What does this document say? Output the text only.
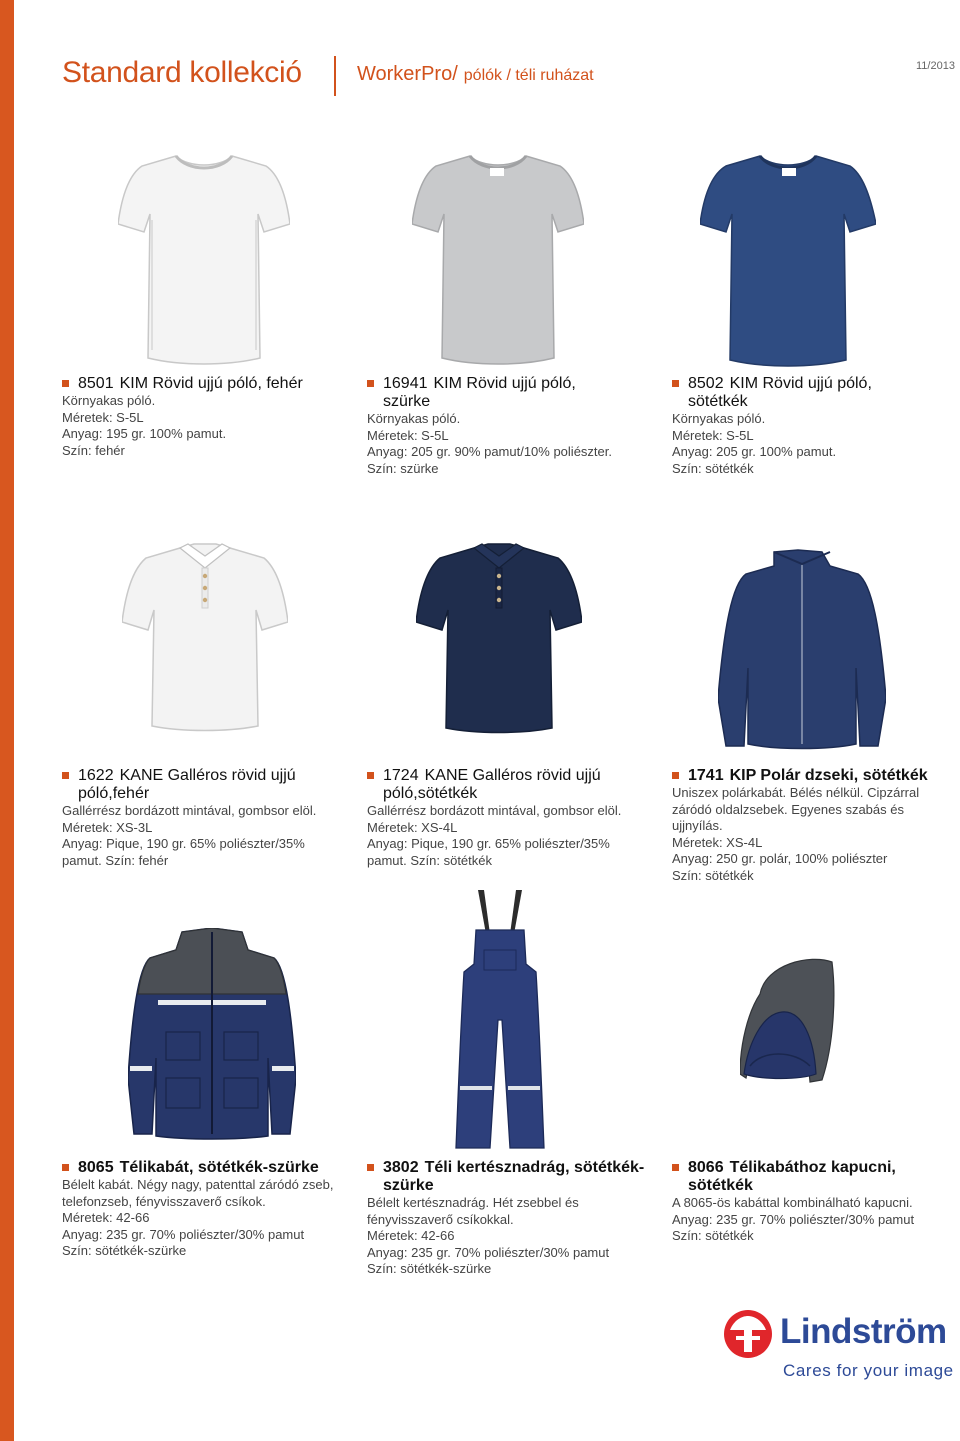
Standard kollekció	WorkerPro/ pólók / téli ruházat
11/2013
8501 KIM Rövid ujjú póló, fehér
Környakas póló.
Méretek: S-5L
Anyag: 195 gr. 100% pamut.
Szín: fehér
16941 KIM Rövid ujjú póló, szürke
Környakas póló.
Méretek: S-5L
Anyag: 205 gr. 90% pamut/10% poliészter.
Szín: szürke
8502 KIM Rövid ujjú póló, sötétkék
Környakas póló.
Méretek: S-5L
Anyag: 205 gr. 100% pamut.
Szín: sötétkék
1622 KANE Galléros rövid ujjú póló,fehér
Gallérrész bordázott mintával, gombsor elöl.
Méretek: XS-3L
Anyag: Pique, 190 gr. 65% poliészter/35% pamut. Szín: fehér
1724 KANE Galléros rövid ujjú póló,sötétkék
Gallérrész bordázott mintával, gombsor elöl.
Méretek: XS-4L
Anyag: Pique, 190 gr. 65% poliészter/35% pamut. Szín: sötétkék
1741 KIP Polár dzseki, sötétkék
Uniszex polárkabát. Bélés nélkül. Cipzárral záródó oldalzsebek. Egyenes szabás és ujjnyílás.
Méretek: XS-4L
Anyag: 250 gr. polár, 100% poliészter
Szín: sötétkék
8065 Télikabát, sötétkék-szürke
Bélelt kabát. Négy nagy, patenttal záródó zseb, telefonzseb, fényvisszaverő csíkok.
Méretek: 42-66
Anyag: 235 gr. 70% poliészter/30% pamut
Szín: sötétkék-szürke
3802 Téli kertésznadrág, sötétkék-szürke
Bélelt kertésznadrág. Hét zsebbel és fényvisszaverő csíkokkal.
Méretek: 42-66
Anyag: 235 gr. 70% poliészter/30% pamut
Szín: sötétkék-szürke
8066 Télikabáthoz kapucni, sötétkék
A 8065-ös kabáttal kombinálható kapucni.
Anyag: 235 gr. 70% poliészter/30% pamut
Szín: sötétkék
Lindström
Cares for your image
